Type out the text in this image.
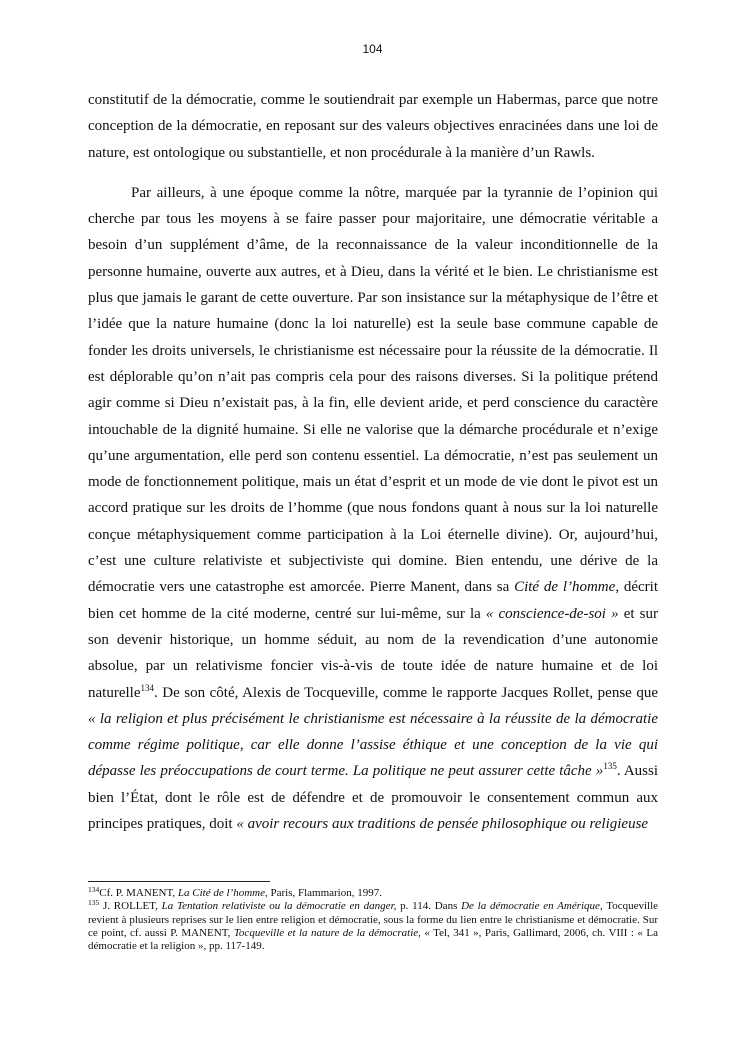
104

constitutif de la démocratie, comme le soutiendrait par exemple un Habermas, parce que notre conception de la démocratie, en reposant sur des valeurs objectives enracinées dans une loi de nature, est ontologique ou substantielle, et non procédurale à la manière d’un Rawls.

Par ailleurs, à une époque comme la nôtre, marquée par la tyrannie de l’opinion qui cherche par tous les moyens à se faire passer pour majoritaire, une démocratie véritable a besoin d’un supplément d’âme, de la reconnaissance de la valeur inconditionnelle de la personne humaine, ouverte aux autres, et à Dieu, dans la vérité et le bien. Le christianisme est plus que jamais le garant de cette ouverture. Par son insistance sur la métaphysique de l’être et l’idée que la nature humaine (donc la loi naturelle) est la seule base commune capable de fonder les droits universels, le christianisme est nécessaire pour la réussite de la démocratie. Il est déplorable qu’on n’ait pas compris cela pour des raisons diverses. Si la politique prétend agir comme si Dieu n’existait pas, à la fin, elle devient aride, et perd conscience du caractère intouchable de la dignité humaine. Si elle ne valorise que la démarche procédurale et n’exige qu’une argumentation, elle perd son contenu essentiel. La démocratie, n’est pas seulement un mode de fonctionnement politique, mais un état d’esprit et un mode de vie dont le pivot est un accord pratique sur les droits de l’homme (que nous fondons quant à nous sur la loi naturelle conçue métaphysiquement comme participation à la Loi éternelle divine). Or, aujourd’hui, c’est une culture relativiste et subjectiviste qui domine. Bien entendu, une dérive de la démocratie vers une catastrophe est amorcée. Pierre Manent, dans sa Cité de l’homme, décrit bien cet homme de la cité moderne, centré sur lui-même, sur la « conscience-de-soi » et sur son devenir historique, un homme séduit, au nom de la revendication d’une autonomie absolue, par un relativisme foncier vis-à-vis de toute idée de nature humaine et de loi naturelle$^{134}$. De son côté, Alexis de Tocqueville, comme le rapporte Jacques Rollet, pense que « la religion et plus précisément le christianisme est nécessaire à la réussite de la démocratie comme régime politique, car elle donne l’assise éthique et une conception de la vie qui dépasse les préoccupations de court terme. La politique ne peut assurer cette tâche »$^{135}$. Aussi bien l’État, dont le rôle est de défendre et de promouvoir le consentement commun aux principes pratiques, doit « avoir recours aux traditions de pensée philosophique ou religieuse

$^{134}$Cf. P. MANENT, La Cité de l’homme, Paris, Flammarion, 1997.

$^{135}$ J. ROLLET, La Tentation relativiste ou la démocratie en danger, p. 114. Dans De la démocratie en Amérique, Tocqueville revient à plusieurs reprises sur le lien entre religion et démocratie, sous la forme du lien entre le christianisme et démocratie. Sur ce point, cf. aussi P. MANENT, Tocqueville et la nature de la démocratie, « Tel, 341 », Paris, Gallimard, 2006, ch. VIII : « La démocratie et la religion », pp. 117-149.
